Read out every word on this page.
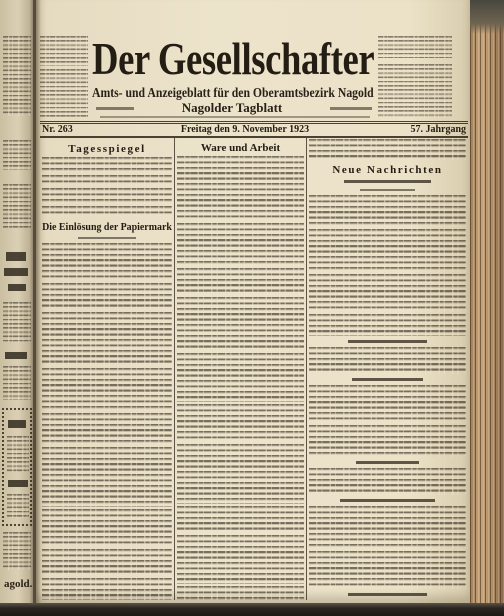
agold.
Der Gesellschafter
Amts- und Anzeigeblatt für den Oberamtsbezirk Nagold
Nagolder Tagblatt
Nr. 263	Freitag den 9. November 1923	57. Jahrgang
Tagesspiegel
Die Einlösung der Papiermark
Ware und Arbeit
Neue Nachrichten
